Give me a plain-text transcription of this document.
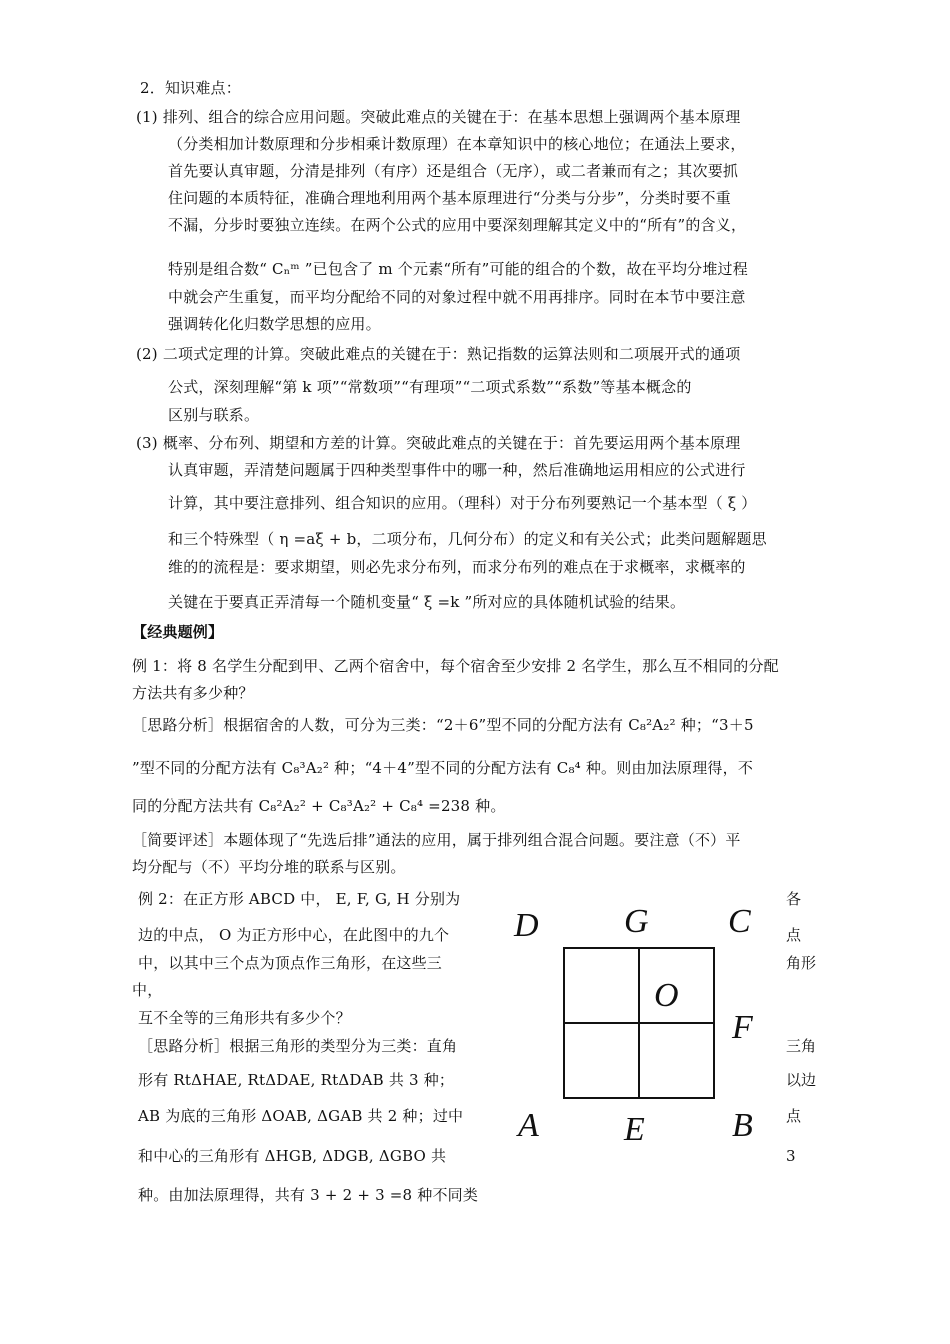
2．知识难点：
(1) 排列、组合的综合应用问题。突破此难点的关键在于：在基本思想上强调两个基本原理
（分类相加计数原理和分步相乘计数原理）在本章知识中的核心地位；在通法上要求，
首先要认真审题，分清是排列（有序）还是组合（无序），或二者兼而有之；其次要抓
住问题的本质特征，准确合理地利用两个基本原理进行“分类与分步”，分类时要不重
不漏，分步时要独立连续。在两个公式的应用中要深刻理解其定义中的“所有”的含义，
特别是组合数“ Cₙᵐ ”已包含了 m 个元素“所有”可能的组合的个数，故在平均分堆过程
中就会产生重复，而平均分配给不同的对象过程中就不用再排序。同时在本节中要注意
强调转化化归数学思想的应用。
(2) 二项式定理的计算。突破此难点的关键在于：熟记指数的运算法则和二项展开式的通项
公式，深刻理解“第 k 项”“常数项”“有理项”“二项式系数”“系数”等基本概念的
区别与联系。
(3) 概率、分布列、期望和方差的计算。突破此难点的关键在于：首先要运用两个基本原理
认真审题，弄清楚问题属于四种类型事件中的哪一种，然后准确地运用相应的公式进行
计算，其中要注意排列、组合知识的应用。（理科）对于分布列要熟记一个基本型（ ξ ）
和三个特殊型（ η =aξ + b，二项分布，几何分布）的定义和有关公式；此类问题解题思
维的的流程是：要求期望，则必先求分布列，而求分布列的难点在于求概率，求概率的
关键在于要真正弄清每一个随机变量“ ξ =k ”所对应的具体随机试验的结果。
【经典题例】
例 1：将 8 名学生分配到甲、乙两个宿舍中，每个宿舍至少安排 2 名学生，那么互不相同的分配
方法共有多少种？
［思路分析］根据宿舍的人数，可分为三类：“2＋6”型不同的分配方法有 C₈²A₂² 种；“3＋5
”型不同的分配方法有 C₈³A₂² 种；“4＋4”型不同的分配方法有 C₈⁴ 种。则由加法原理得，不
同的分配方法共有 C₈²A₂² + C₈³A₂² + C₈⁴ =238 种。
［简要评述］本题体现了“先选后排”通法的应用，属于排列组合混合问题。要注意（不）平
均分配与（不）平均分堆的联系与区别。
例 2：在正方形 ABCD 中， E, F, G, H 分别为
边的中点， O 为正方形中心，在此图中的九个
中，以其中三个点为顶点作三角形，在这些三
中，
互不全等的三角形共有多少个？
［思路分析］根据三角形的类型分为三类：直角
形有 RtΔHAE, RtΔDAE, RtΔDAB 共 3 种；
AB 为底的三角形 ΔOAB, ΔGAB 共 2 种；过中
和中心的三角形有 ΔHGB, ΔDGB, ΔGBO 共
种。由加法原理得，共有 3 + 2 + 3 =8 种不同类
D	G C
O
F
A	E	B
各
点
角形
三角
以边
点
3
